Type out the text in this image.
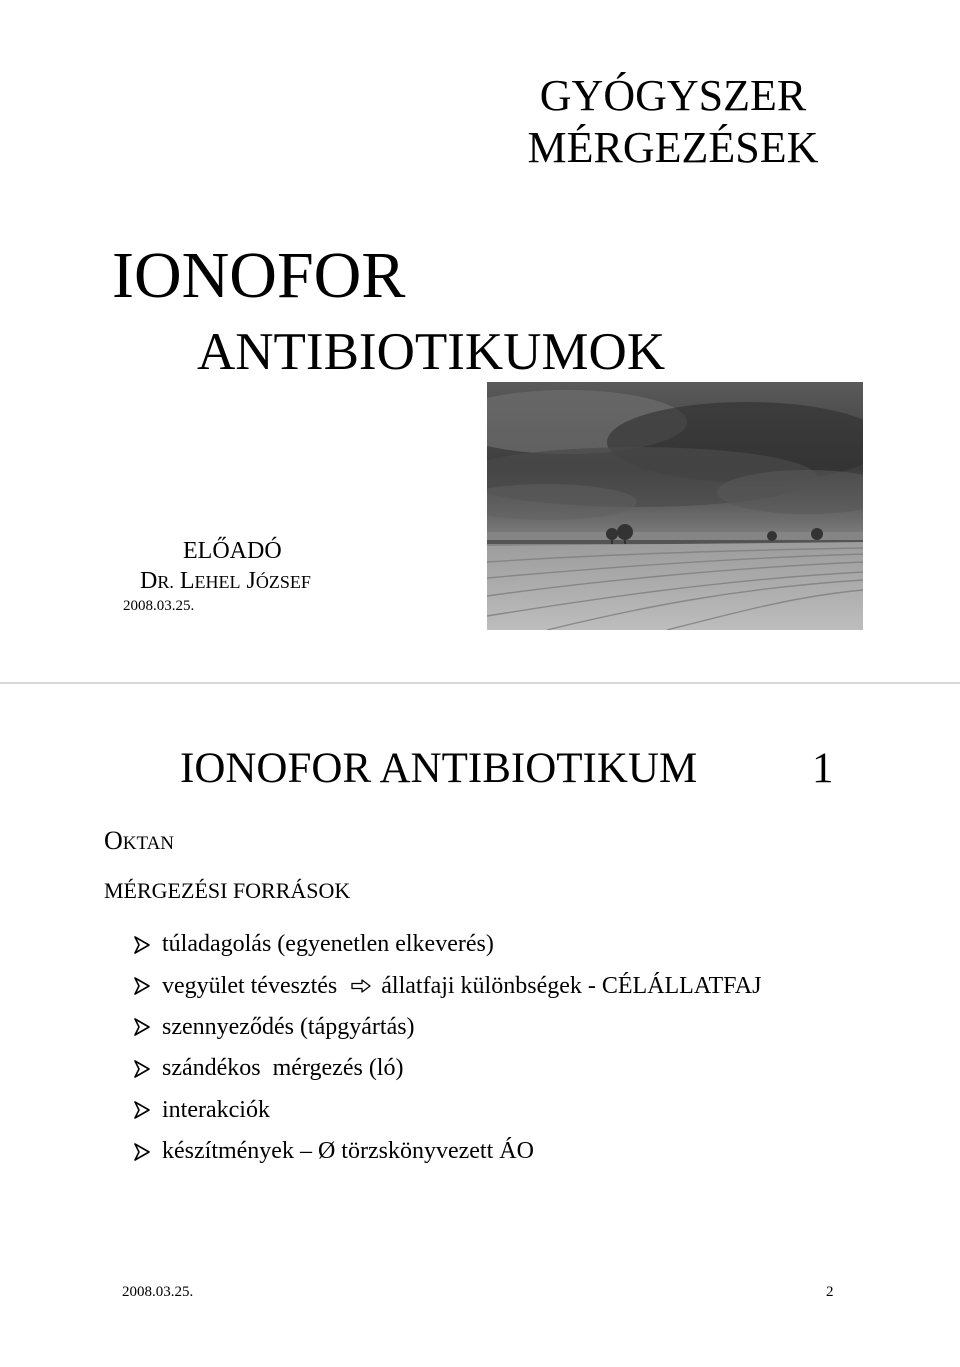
GYÓGYSZER
MÉRGEZÉSEK
IONOFOR
ANTIBIOTIKUMOK
ELŐADÓ
DR. LEHEL JÓZSEF
2008.03.25.
IONOFOR ANTIBIOTIKUM	1
OKTAN
MÉRGEZÉSI FORRÁSOK
túladagolás (egyenetlen elkeverés)
vegyület tévesztés állatfaji különbségek - CÉLÁLLATFAJ
szennyeződés (tápgyártás)
szándékos  mérgezés (ló)
interakciók
készítmények – Ø törzskönyvezett ÁO
2008.03.25.	2
